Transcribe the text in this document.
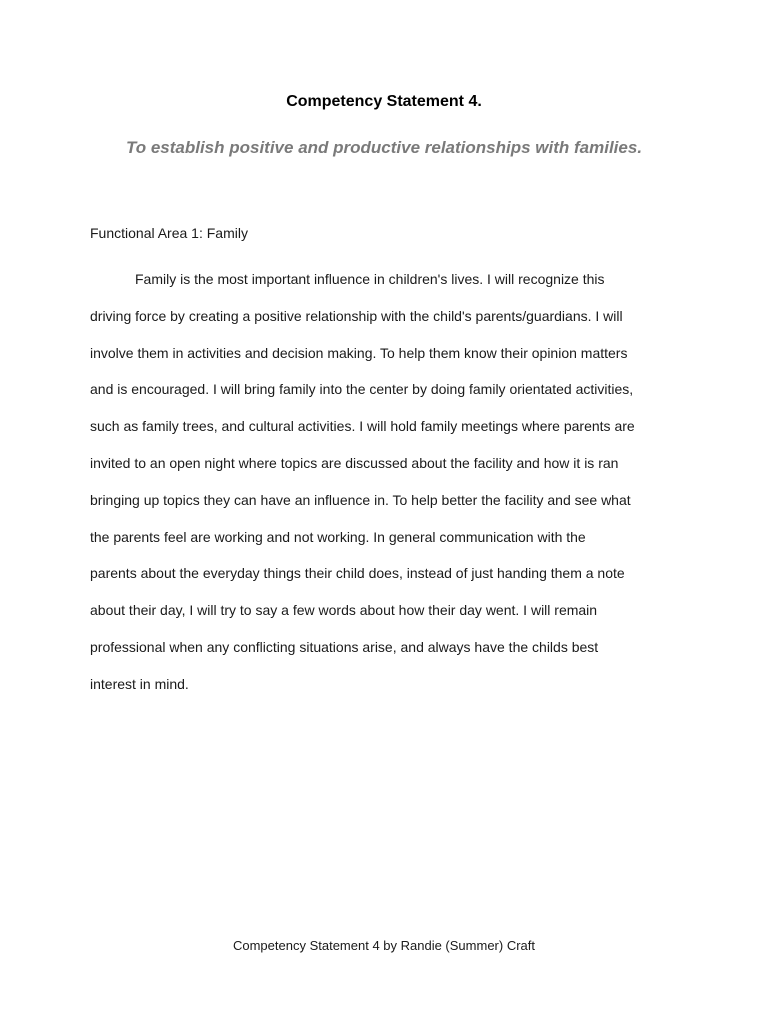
Competency Statement 4.
To establish positive and productive relationships with families.
Functional Area 1: Family

Family is the most important influence in children's lives. I will recognize this
driving force by creating a positive relationship with the child's parents/guardians. I will
involve them in activities and decision making. To help them know their opinion matters
and is encouraged. I will bring family into the center by doing family orientated activities,
such as family trees, and cultural activities. I will hold family meetings where parents are
invited to an open night where topics are discussed about the facility and how it is ran
bringing up topics they can have an influence in. To help better the facility and see what
the parents feel are working and not working. In general communication with the
parents about the everyday things their child does, instead of just handing them a note
about their day, I will try to say a few words about how their day went. I will remain
professional when any conflicting situations arise, and always have the childs best
interest in mind.

Competency Statement 4 by Randie (Summer) Craft
